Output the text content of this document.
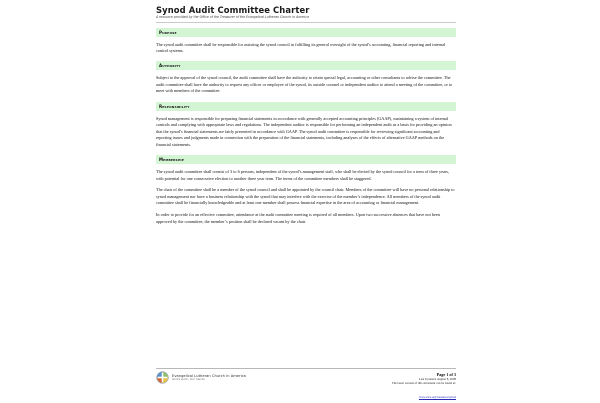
Synod Audit Committee Charter
A resource provided by the Office of the Treasurer of the Evangelical Lutheran Church in America
Purpose

The synod audit committee shall be responsible for assisting the synod council in fulfilling its general oversight of the synod’s accounting, financial reporting and internal control systems.

Authority

Subject to the approval of the synod council, the audit committee shall have the authority to retain special legal, accounting or other consultants to advise the committee. The audit committee shall have the authority to request any officer or employee of the synod, its outside counsel or independent auditor to attend a meeting of the committee, or to meet with members of the committee.

Responsibility

Synod management is responsible for preparing financial statements in accordance with generally accepted accounting principles (GAAP), maintaining a system of internal controls and complying with appropriate laws and regulations. The independent auditor is responsible for performing an independent audit as a basis for providing an opinion that the synod’s financial statements are fairly presented in accordance with GAAP. The synod audit committee is responsible for reviewing significant accounting and reporting issues and judgments made in connection with the preparation of the financial statements, including analyses of the effects of alternative GAAP methods on the financial statements.

Membership

The synod audit committee shall consist of 3 to 6 persons, independent of the synod’s management staff, who shall be elected by the synod council for a term of three years, with potential for one consecutive election to another three year term. The terms of the committee members shall be staggered.

The chair of the committee shall be a member of the synod council and shall be appointed by the council chair. Members of the committee will have no personal relationship to synod management nor have a business relationship with the synod that may interfere with the exercise of the member’s independence. All members of the synod audit committee shall be financially knowledgeable and at least one member shall possess financial expertise in the area of accounting or financial management.

In order to provide for an effective committee, attendance at the audit committee meeting is required of all members. Upon two successive absences that have not been approved by the committee, the member’s position shall be declared vacant by the chair.

Evangelical Lutheran Church in America
God's work. Our hands.
Page 1 of 3
Last Updated: August 8, 2008
The latest version of this document can be found at:
www.elca.org/treasurer/synod
